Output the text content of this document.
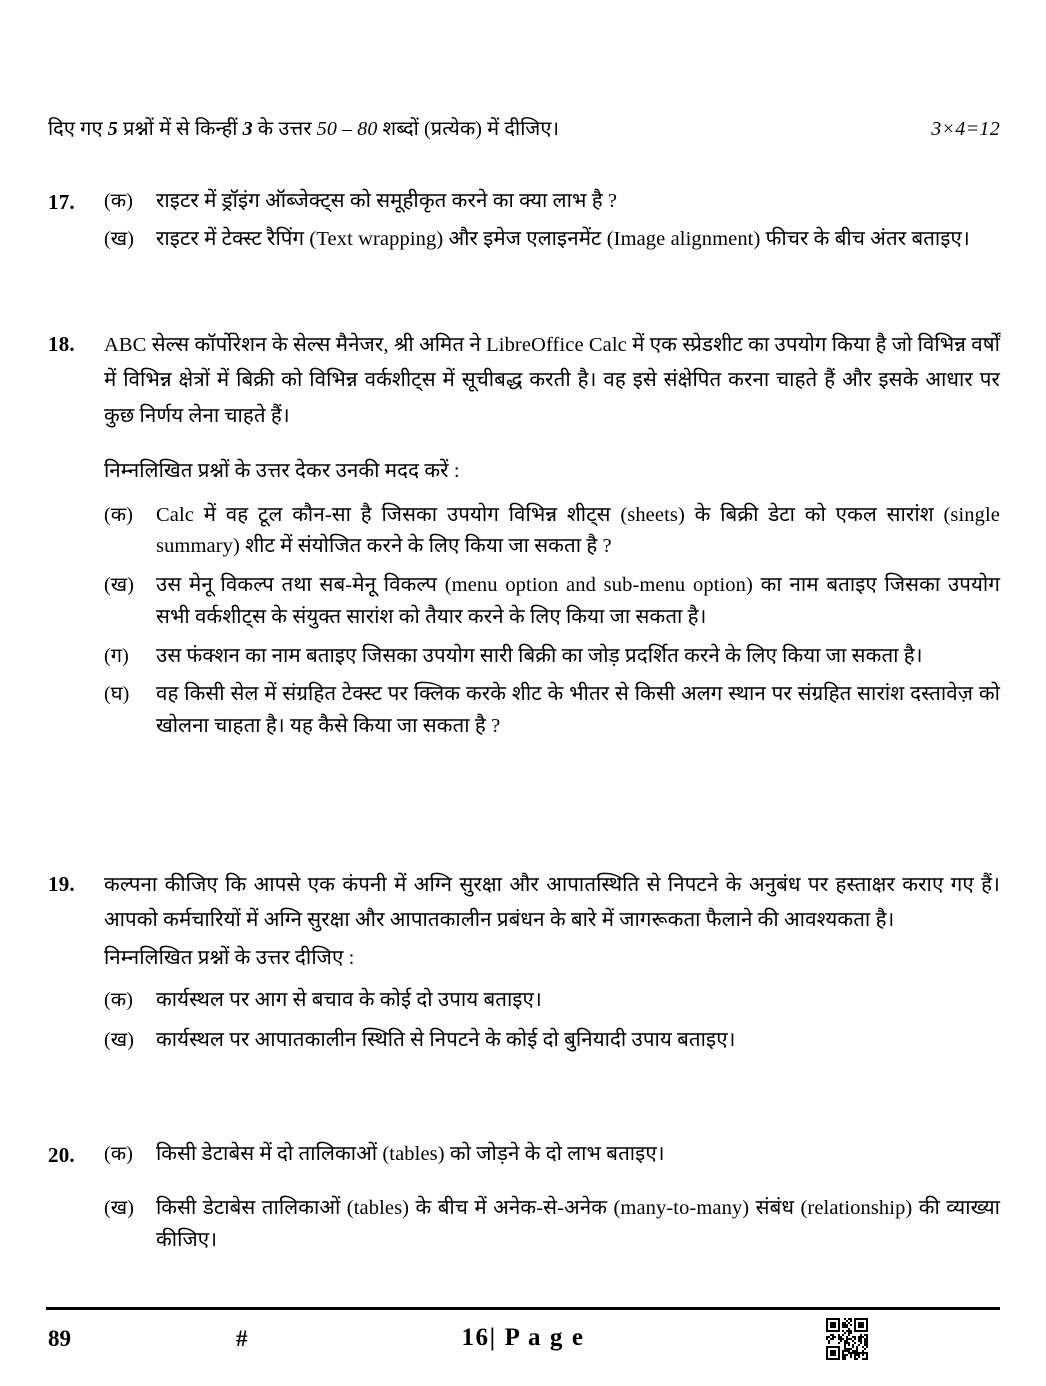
दिए गए 5 प्रश्नों में से किन्हीं 3 के उत्तर 50 – 80 शब्दों (प्रत्येक) में दीजिए।	3×4=12
17.	(क)	राइटर में ड्रॉइंग ऑब्जेक्ट्स को समूहीकृत करने का क्या लाभ है ?
(ख)	राइटर में टेक्स्ट रैपिंग (Text wrapping) और इमेज एलाइनमेंट (Image alignment) फीचर के बीच अंतर बताइए।
18.	ABC सेल्स कॉर्पोरेशन के सेल्स मैनेजर, श्री अमित ने LibreOffice Calc में एक स्प्रेडशीट का उपयोग किया है जो विभिन्न वर्षों में विभिन्न क्षेत्रों में बिक्री को विभिन्न वर्कशीट्स में सूचीबद्ध करती है। वह इसे संक्षेपित करना चाहते हैं और इसके आधार पर कुछ निर्णय लेना चाहते हैं।
निम्नलिखित प्रश्नों के उत्तर देकर उनकी मदद करें :
(क)	Calc में वह टूल कौन-सा है जिसका उपयोग विभिन्न शीट्स (sheets) के बिक्री डेटा को एकल सारांश (single summary) शीट में संयोजित करने के लिए किया जा सकता है ?
(ख)	उस मेनू विकल्प तथा सब-मेनू विकल्प (menu option and sub-menu option) का नाम बताइए जिसका उपयोग सभी वर्कशीट्स के संयुक्त सारांश को तैयार करने के लिए किया जा सकता है।
(ग)	उस फंक्शन का नाम बताइए जिसका उपयोग सारी बिक्री का जोड़ प्रदर्शित करने के लिए किया जा सकता है।
(घ)	वह किसी सेल में संग्रहित टेक्स्ट पर क्लिक करके शीट के भीतर से किसी अलग स्थान पर संग्रहित सारांश दस्तावेज़ को खोलना चाहता है। यह कैसे किया जा सकता है ?
19.	कल्पना कीजिए कि आपसे एक कंपनी में अग्नि सुरक्षा और आपातस्थिति से निपटने के अनुबंध पर हस्ताक्षर कराए गए हैं। आपको कर्मचारियों में अग्नि सुरक्षा और आपातकालीन प्रबंधन के बारे में जागरूकता फैलाने की आवश्यकता है।
निम्नलिखित प्रश्नों के उत्तर दीजिए :
(क)	कार्यस्थल पर आग से बचाव के कोई दो उपाय बताइए।
(ख)	कार्यस्थल पर आपातकालीन स्थिति से निपटने के कोई दो बुनियादी उपाय बताइए।
20.	(क)	किसी डेटाबेस में दो तालिकाओं (tables) को जोड़ने के दो लाभ बताइए।
(ख)	किसी डेटाबेस तालिकाओं (tables) के बीच में अनेक-से-अनेक (many-to-many) संबंध (relationship) की व्याख्या कीजिए।
89	#	16| P a g e
